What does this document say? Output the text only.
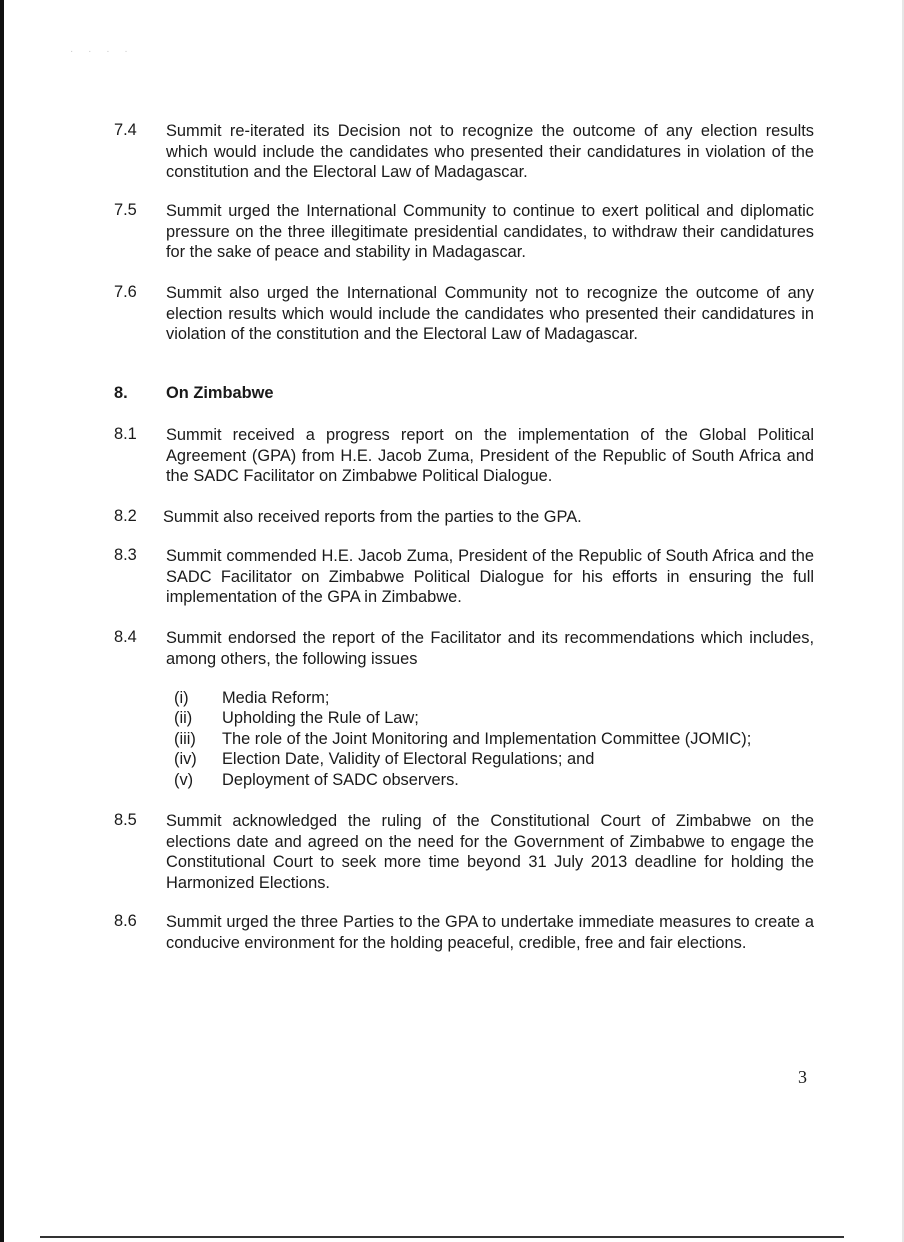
· · · ·
7.4 Summit re-iterated its Decision not to recognize the outcome of any election results which would include the candidates who presented their candidatures in violation of the constitution and the Electoral Law of Madagascar.
7.5 Summit urged the International Community to continue to exert political and diplomatic pressure on the three illegitimate presidential candidates, to withdraw their candidatures for the sake of peace and stability in Madagascar.
7.6 Summit also urged the International Community not to recognize the outcome of any election results which would include the candidates who presented their candidatures in violation of the constitution and the Electoral Law of Madagascar.
8. On Zimbabwe
8.1 Summit received a progress report on the implementation of the Global Political Agreement (GPA) from H.E. Jacob Zuma, President of the Republic of South Africa and the SADC Facilitator on Zimbabwe Political Dialogue.
8.2 Summit also received reports from the parties to the GPA.
8.3 Summit commended H.E. Jacob Zuma, President of the Republic of South Africa and the SADC Facilitator on Zimbabwe Political Dialogue for his efforts in ensuring the full implementation of the GPA in Zimbabwe.
8.4 Summit endorsed the report of the Facilitator and its recommendations which includes, among others, the following issues
(i) Media Reform;
(ii) Upholding the Rule of Law;
(iii) The role of the Joint Monitoring and Implementation Committee (JOMIC);
(iv) Election Date, Validity of Electoral Regulations; and
(v) Deployment of SADC observers.
8.5 Summit acknowledged the ruling of the Constitutional Court of Zimbabwe on the elections date and agreed on the need for the Government of Zimbabwe to engage the Constitutional Court to seek more time beyond 31 July 2013 deadline for holding the Harmonized Elections.
8.6 Summit urged the three Parties to the GPA to undertake immediate measures to create a conducive environment for the holding peaceful, credible, free and fair elections.
3
